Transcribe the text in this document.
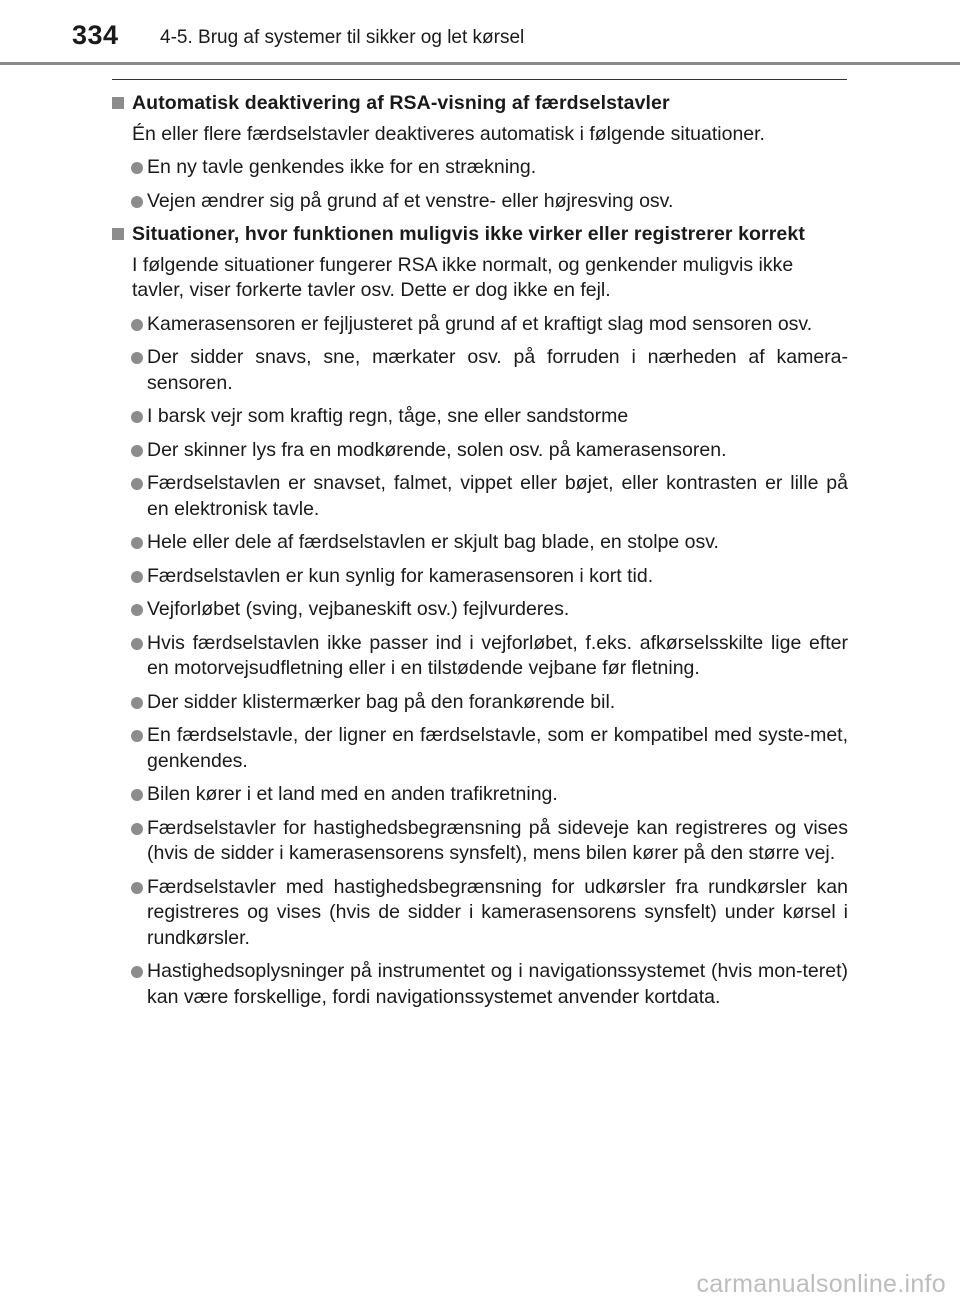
334 4-5. Brug af systemer til sikker og let kørsel
Automatisk deaktivering af RSA-visning af færdselstavler
Én eller flere færdselstavler deaktiveres automatisk i følgende situationer.
En ny tavle genkendes ikke for en strækning.
Vejen ændrer sig på grund af et venstre- eller højresving osv.
Situationer, hvor funktionen muligvis ikke virker eller registrerer korrekt
I følgende situationer fungerer RSA ikke normalt, og genkender muligvis ikke tavler, viser forkerte tavler osv. Dette er dog ikke en fejl.
Kamerasensoren er fejljusteret på grund af et kraftigt slag mod sensoren osv.
Der sidder snavs, sne, mærkater osv. på forruden i nærheden af kamera-sensoren.
I barsk vejr som kraftig regn, tåge, sne eller sandstorme
Der skinner lys fra en modkørende, solen osv. på kamerasensoren.
Færdselstavlen er snavset, falmet, vippet eller bøjet, eller kontrasten er lille på en elektronisk tavle.
Hele eller dele af færdselstavlen er skjult bag blade, en stolpe osv.
Færdselstavlen er kun synlig for kamerasensoren i kort tid.
Vejforløbet (sving, vejbaneskift osv.) fejlvurderes.
Hvis færdselstavlen ikke passer ind i vejforløbet, f.eks. afkørselsskilte lige efter en motorvejsudfletning eller i en tilstødende vejbane før fletning.
Der sidder klistermærker bag på den forankørende bil.
En færdselstavle, der ligner en færdselstavle, som er kompatibel med syste-met, genkendes.
Bilen kører i et land med en anden trafikretning.
Færdselstavler for hastighedsbegrænsning på sideveje kan registreres og vises (hvis de sidder i kamerasensorens synsfelt), mens bilen kører på den større vej.
Færdselstavler med hastighedsbegrænsning for udkørsler fra rundkørsler kan registreres og vises (hvis de sidder i kamerasensorens synsfelt) under kørsel i rundkørsler.
Hastighedsoplysninger på instrumentet og i navigationssystemet (hvis mon-teret) kan være forskellige, fordi navigationssystemet anvender kortdata.
carmanualsonline.info
